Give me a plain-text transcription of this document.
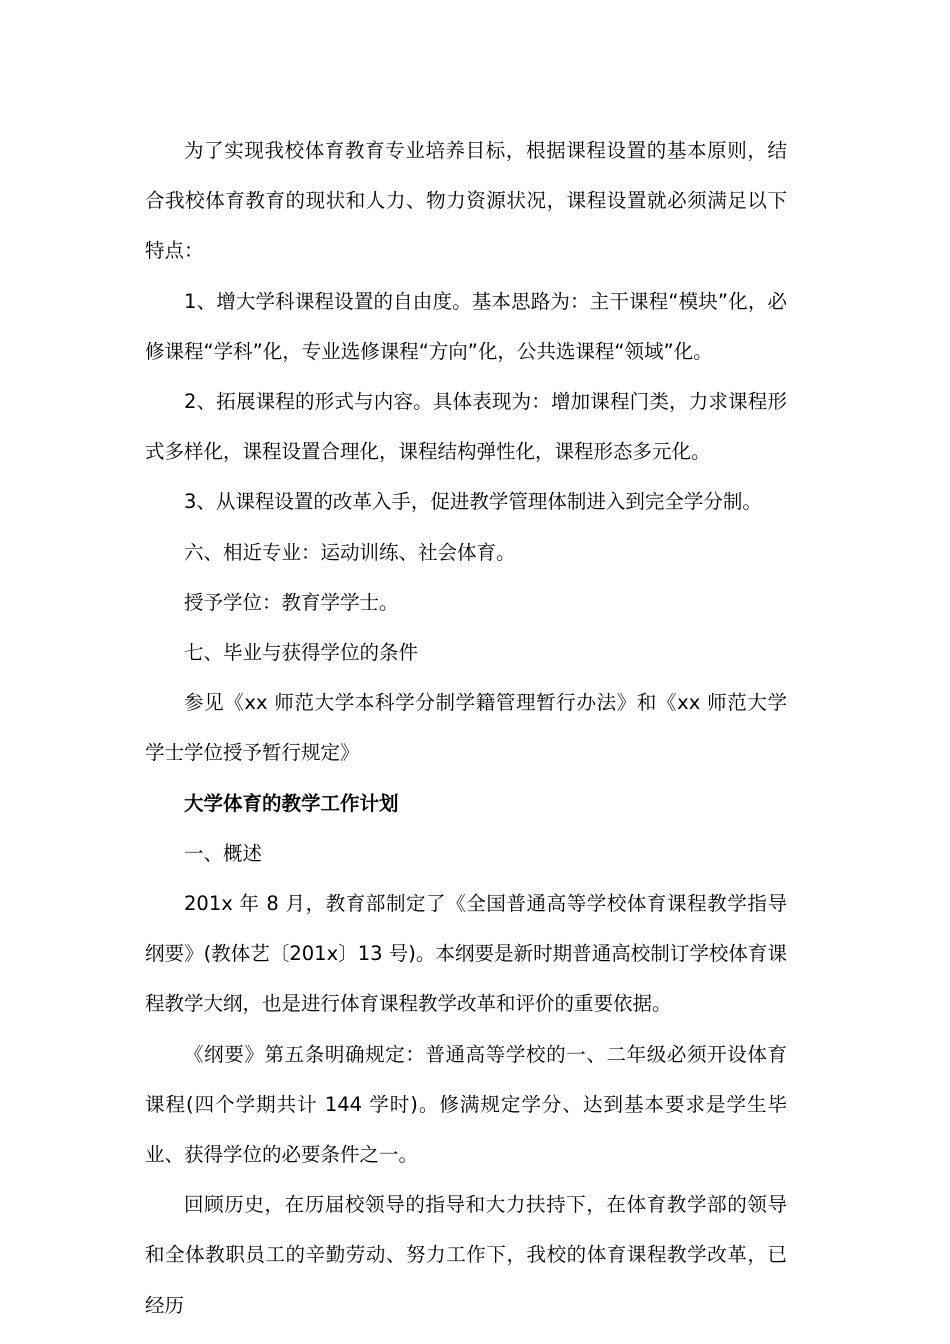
为了实现我校体育教育专业培养目标，根据课程设置的基本原则，结合我校体育教育的现状和人力、物力资源状况，课程设置就必须满足以下特点：

1、增大学科课程设置的自由度。基本思路为：主干课程“模块”化，必修课程“学科”化，专业选修课程“方向”化，公共选课程“领域”化。

2、拓展课程的形式与内容。具体表现为：增加课程门类，力求课程形式多样化，课程设置合理化，课程结构弹性化，课程形态多元化。

3、从课程设置的改革入手，促进教学管理体制进入到完全学分制。

六、相近专业：运动训练、社会体育。

授予学位：教育学学士。

七、毕业与获得学位的条件

参见《xx 师范大学本科学分制学籍管理暂行办法》和《xx 师范大学学士学位授予暂行规定》

大学体育的教学工作计划

一、概述

201x 年 8 月，教育部制定了《全国普通高等学校体育课程教学指导纲要》(教体艺〔201x〕13 号)。本纲要是新时期普通高校制订学校体育课程教学大纲，也是进行体育课程教学改革和评价的重要依据。

《纲要》第五条明确规定：普通高等学校的一、二年级必须开设体育课程(四个学期共计 144 学时)。修满规定学分、达到基本要求是学生毕业、获得学位的必要条件之一。

回顾历史，在历届校领导的指导和大力扶持下，在体育教学部的领导和全体教职员工的辛勤劳动、努力工作下，我校的体育课程教学改革，已经历
